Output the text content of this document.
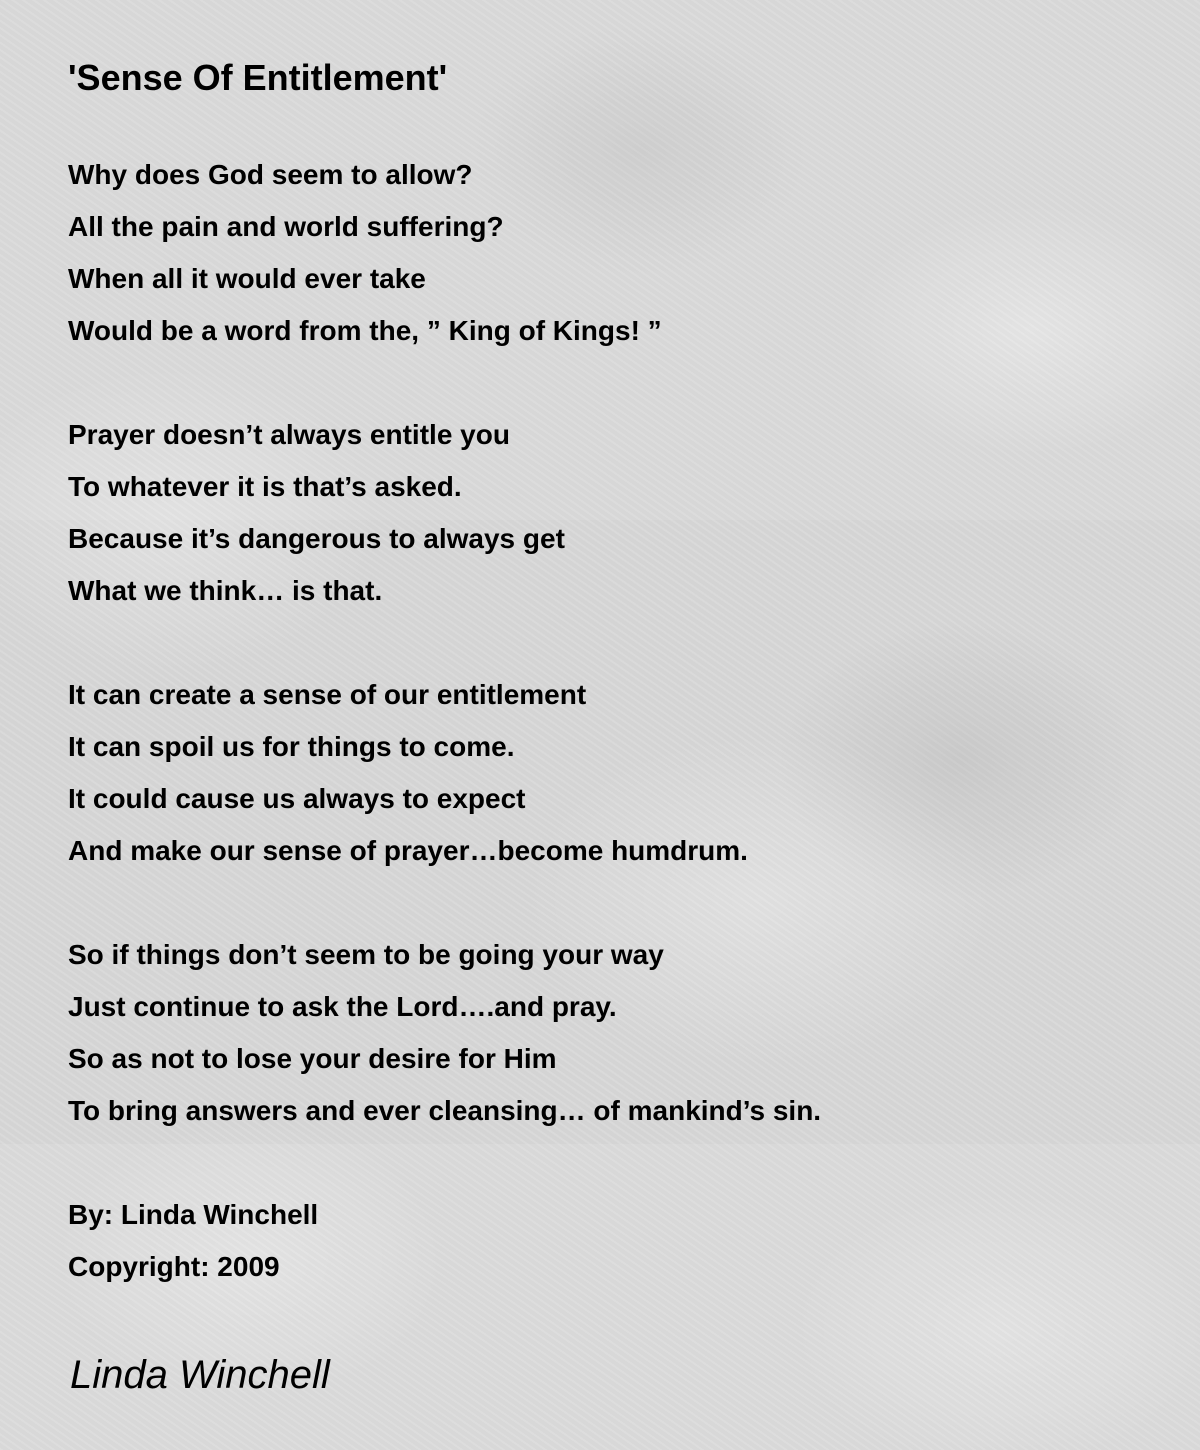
'Sense Of Entitlement'
Why does God seem to allow?
All the pain and world suffering?
When all it would ever take
Would be a word from the, ” King of Kings! ”
Prayer doesn’t always entitle you
To whatever it is that’s asked.
Because it’s dangerous to always get
What we think… is that.
It can create a sense of our entitlement
It can spoil us for things to come.
It could cause us always to expect
And make our sense of prayer…become humdrum.
So if things don’t seem to be going your way
Just continue to ask the Lord….and pray.
So as not to lose your desire for Him
To bring answers and ever cleansing… of mankind’s sin.
By: Linda Winchell
Copyright: 2009
Linda Winchell
